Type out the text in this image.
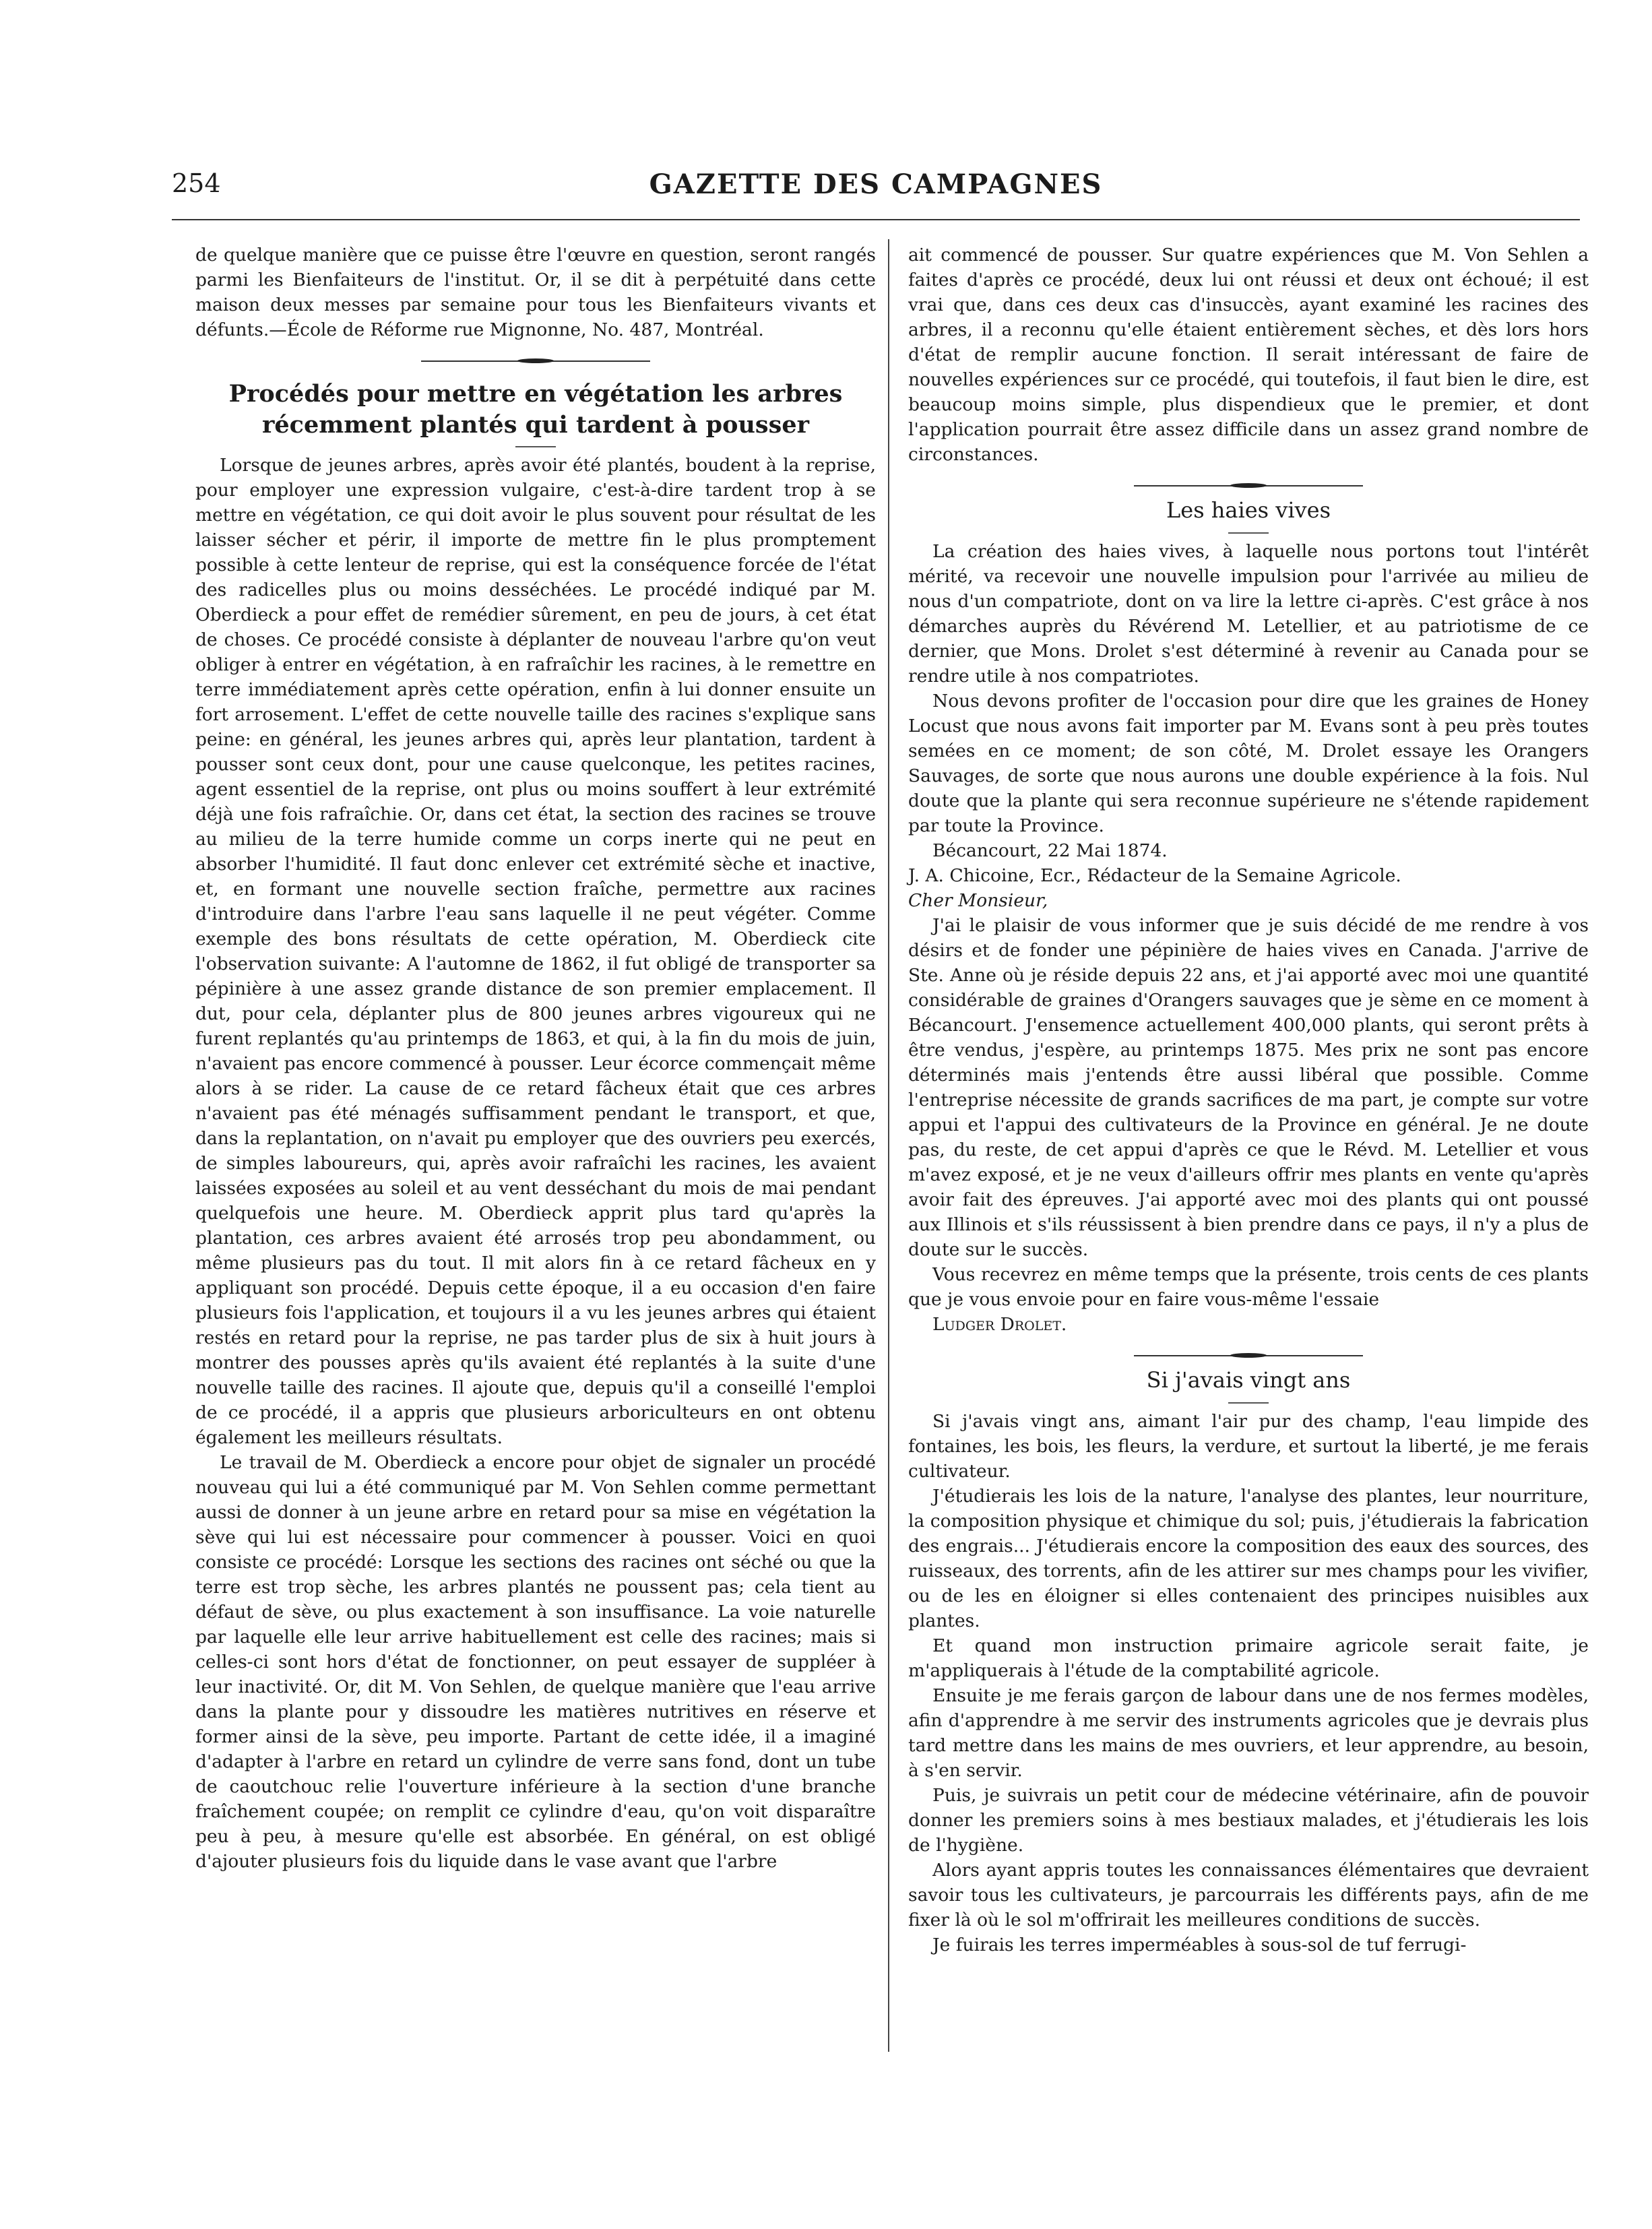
254	GAZETTE DES CAMPAGNES

de quelque manière que ce puisse être l'œuvre en question, seront rangés parmi les Bienfaiteurs de l'institut. Or, il se dit à perpétuité dans cette maison deux messes par semaine pour tous les Bienfaiteurs vivants et défunts.—École de Réforme rue Mignonne, No. 487, Montréal.

Procédés pour mettre en végétation les arbres récemment plantés qui tardent à pousser

Lorsque de jeunes arbres, après avoir été plantés, boudent à la reprise, pour employer une expression vulgaire, c'est-à-dire tardent trop à se mettre en végétation, ce qui doit avoir le plus souvent pour résultat de les laisser sécher et périr, il importe de mettre fin le plus promptement possible à cette lenteur de reprise, qui est la conséquence forcée de l'état des radicelles plus ou moins desséchées. Le procédé indiqué par M. Oberdieck a pour effet de remédier sûrement, en peu de jours, à cet état de choses. Ce procédé consiste à déplanter de nouveau l'arbre qu'on veut obliger à entrer en végétation, à en rafraîchir les racines, à le remettre en terre immédiatement après cette opération, enfin à lui donner ensuite un fort arrosement. L'effet de cette nouvelle taille des racines s'explique sans peine: en général, les jeunes arbres qui, après leur plantation, tardent à pousser sont ceux dont, pour une cause quelconque, les petites racines, agent essentiel de la reprise, ont plus ou moins souffert à leur extrémité déjà une fois rafraîchie. Or, dans cet état, la section des racines se trouve au milieu de la terre humide comme un corps inerte qui ne peut en absorber l'humidité. Il faut donc enlever cet extrémité sèche et inactive, et, en formant une nouvelle section fraîche, permettre aux racines d'introduire dans l'arbre l'eau sans laquelle il ne peut végéter. Comme exemple des bons résultats de cette opération, M. Oberdieck cite l'observation suivante: A l'automne de 1862, il fut obligé de transporter sa pépinière à une assez grande distance de son premier emplacement. Il dut, pour cela, déplanter plus de 800 jeunes arbres vigoureux qui ne furent replantés qu'au printemps de 1863, et qui, à la fin du mois de juin, n'avaient pas encore commencé à pousser. Leur écorce commençait même alors à se rider. La cause de ce retard fâcheux était que ces arbres n'avaient pas été ménagés suffisamment pendant le transport, et que, dans la replantation, on n'avait pu employer que des ouvriers peu exercés, de simples laboureurs, qui, après avoir rafraîchi les racines, les avaient laissées exposées au soleil et au vent desséchant du mois de mai pendant quelquefois une heure. M. Oberdieck apprit plus tard qu'après la plantation, ces arbres avaient été arrosés trop peu abondamment, ou même plusieurs pas du tout. Il mit alors fin à ce retard fâcheux en y appliquant son procédé. Depuis cette époque, il a eu occasion d'en faire plusieurs fois l'application, et toujours il a vu les jeunes arbres qui étaient restés en retard pour la reprise, ne pas tarder plus de six à huit jours à montrer des pousses après qu'ils avaient été replantés à la suite d'une nouvelle taille des racines. Il ajoute que, depuis qu'il a conseillé l'emploi de ce procédé, il a appris que plusieurs arboriculteurs en ont obtenu également les meilleurs résultats.

Le travail de M. Oberdieck a encore pour objet de signaler un procédé nouveau qui lui a été communiqué par M. Von Sehlen comme permettant aussi de donner à un jeune arbre en retard pour sa mise en végétation la sève qui lui est nécessaire pour commencer à pousser. Voici en quoi consiste ce procédé: Lorsque les sections des racines ont séché ou que la terre est trop sèche, les arbres plantés ne poussent pas; cela tient au défaut de sève, ou plus exactement à son insuffisance. La voie naturelle par laquelle elle leur arrive habituellement est celle des racines; mais si celles-ci sont hors d'état de fonctionner, on peut essayer de suppléer à leur inactivité. Or, dit M. Von Sehlen, de quelque manière que l'eau arrive dans la plante pour y dissoudre les matières nutritives en réserve et former ainsi de la sève, peu importe. Partant de cette idée, il a imaginé d'adapter à l'arbre en retard un cylindre de verre sans fond, dont un tube de caoutchouc relie l'ouverture inférieure à la section d'une branche fraîchement coupée; on remplit ce cylindre d'eau, qu'on voit disparaître peu à peu, à mesure qu'elle est absorbée. En général, on est obligé d'ajouter plusieurs fois du liquide dans le vase avant que l'arbre

ait commencé de pousser. Sur quatre expériences que M. Von Sehlen a faites d'après ce procédé, deux lui ont réussi et deux ont échoué; il est vrai que, dans ces deux cas d'insuccès, ayant examiné les racines des arbres, il a reconnu qu'elle étaient entièrement sèches, et dès lors hors d'état de remplir aucune fonction. Il serait intéressant de faire de nouvelles expériences sur ce procédé, qui toutefois, il faut bien le dire, est beaucoup moins simple, plus dispendieux que le premier, et dont l'application pourrait être assez difficile dans un assez grand nombre de circonstances.

Les haies vives

La création des haies vives, à laquelle nous portons tout l'intérêt mérité, va recevoir une nouvelle impulsion pour l'arrivée au milieu de nous d'un compatriote, dont on va lire la lettre ci-après. C'est grâce à nos démarches auprès du Révérend M. Letellier, et au patriotisme de ce dernier, que Mons. Drolet s'est déterminé à revenir au Canada pour se rendre utile à nos compatriotes.

Nous devons profiter de l'occasion pour dire que les graines de Honey Locust que nous avons fait importer par M. Evans sont à peu près toutes semées en ce moment; de son côté, M. Drolet essaye les Orangers Sauvages, de sorte que nous aurons une double expérience à la fois. Nul doute que la plante qui sera reconnue supérieure ne s'étende rapidement par toute la Province.

Bécancourt, 22 Mai 1874.

J. A. Chicoine, Ecr., Rédacteur de la Semaine Agricole.

Cher Monsieur,

J'ai le plaisir de vous informer que je suis décidé de me rendre à vos désirs et de fonder une pépinière de haies vives en Canada. J'arrive de Ste. Anne où je réside depuis 22 ans, et j'ai apporté avec moi une quantité considérable de graines d'Orangers sauvages que je sème en ce moment à Bécancourt. J'ensemence actuellement 400,000 plants, qui seront prêts à être vendus, j'espère, au printemps 1875. Mes prix ne sont pas encore déterminés mais j'entends être aussi libéral que possible. Comme l'entreprise nécessite de grands sacrifices de ma part, je compte sur votre appui et l'appui des cultivateurs de la Province en général. Je ne doute pas, du reste, de cet appui d'après ce que le Révd. M. Letellier et vous m'avez exposé, et je ne veux d'ailleurs offrir mes plants en vente qu'après avoir fait des épreuves. J'ai apporté avec moi des plants qui ont poussé aux Illinois et s'ils réussissent à bien prendre dans ce pays, il n'y a plus de doute sur le succès.

Vous recevrez en même temps que la présente, trois cents de ces plants que je vous envoie pour en faire vous-même l'essaie

Ludger Drolet.

Si j'avais vingt ans

Si j'avais vingt ans, aimant l'air pur des champ, l'eau limpide des fontaines, les bois, les fleurs, la verdure, et surtout la liberté, je me ferais cultivateur.

J'étudierais les lois de la nature, l'analyse des plantes, leur nourriture, la composition physique et chimique du sol; puis, j'étudierais la fabrication des engrais... J'étudierais encore la composition des eaux des sources, des ruisseaux, des torrents, afin de les attirer sur mes champs pour les vivifier, ou de les en éloigner si elles contenaient des principes nuisibles aux plantes.

Et quand mon instruction primaire agricole serait faite, je m'appliquerais à l'étude de la comptabilité agricole.

Ensuite je me ferais garçon de labour dans une de nos fermes modèles, afin d'apprendre à me servir des instruments agricoles que je devrais plus tard mettre dans les mains de mes ouvriers, et leur apprendre, au besoin, à s'en servir.

Puis, je suivrais un petit cour de médecine vétérinaire, afin de pouvoir donner les premiers soins à mes bestiaux malades, et j'étudierais les lois de l'hygiène.

Alors ayant appris toutes les connaissances élémentaires que devraient savoir tous les cultivateurs, je parcourrais les différents pays, afin de me fixer là où le sol m'offrirait les meilleures conditions de succès.

Je fuirais les terres imperméables à sous-sol de tuf ferrugi-
